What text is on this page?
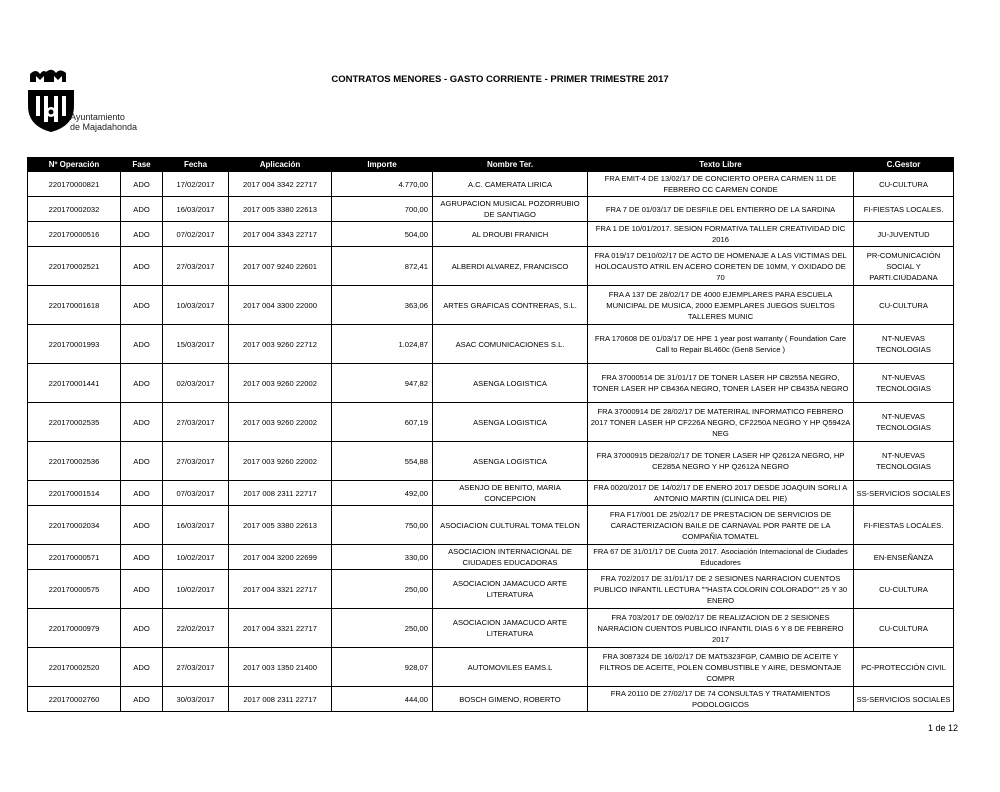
Ayuntamiento
de Majadahonda
CONTRATOS MENORES - GASTO CORRIENTE - PRIMER TRIMESTRE 2017
Nº Operación	Fase	Fecha	Aplicación	Importe	Nombre Ter.	Texto Libre	C.Gestor
220170000821	ADO	17/02/2017	2017 004 3342 22717	4.770,00	A.C. CAMERATA LIRICA	FRA EMIT-4 DE 13/02/17 DE CONCIERTO OPERA CARMEN 11 DE FEBRERO CC CARMEN CONDE	CU-CULTURA
220170002032	ADO	16/03/2017	2017 005 3380 22613	700,00	AGRUPACION MUSICAL POZORRUBIO DE SANTIAGO	FRA 7 DE 01/03/17 DE DESFILE DEL ENTIERRO DE LA SARDINA	FI-FIESTAS LOCALES.
220170000516	ADO	07/02/2017	2017 004 3343 22717	504,00	AL DROUBI FRANICH	FRA 1 DE 10/01/2017. SESION FORMATIVA TALLER CREATIVIDAD DIC 2016	JU-JUVENTUD
220170002521	ADO	27/03/2017	2017 007 9240 22601	872,41	ALBERDI ALVAREZ, FRANCISCO	FRA 019/17 DE10/02/17 DE ACTO DE HOMENAJE A LAS VICTIMAS DEL HOLOCAUSTO ATRIL EN ACERO CORETEN DE 10MM, Y OXIDADO DE 70	PR-COMUNICACIÓN SOCIAL Y PARTI.CIUDADANA
220170001618	ADO	10/03/2017	2017 004 3300 22000	363,06	ARTES GRAFICAS CONTRERAS, S.L.	FRA A 137 DE 28/02/17 DE 4000 EJEMPLARES PARA ESCUELA MUNICIPAL DE MUSICA, 2000 EJEMPLARES JUEGOS SUELTOS TALLERES MUNIC	CU-CULTURA
220170001993	ADO	15/03/2017	2017 003 9260 22712	1.024,87	ASAC COMUNICACIONES S.L.	FRA 170608 DE 01/03/17 DE HPE 1 year post warranty ( Foundation Care Call to Repair BL460c (Gen8 Service )	NT-NUEVAS TECNOLOGIAS
220170001441	ADO	02/03/2017	2017 003 9260 22002	947,82	ASENGA LOGISTICA	FRA 37000514 DE 31/01/17 DE TONER LASER HP CB255A NEGRO, TONER LASER HP CB436A NEGRO, TONER LASER HP CB435A NEGRO	NT-NUEVAS TECNOLOGIAS
220170002535	ADO	27/03/2017	2017 003 9260 22002	607,19	ASENGA LOGISTICA	FRA 37000914 DE 28/02/17 DE MATERIRAL INFORMATICO FEBRERO 2017 TONER LASER HP CF226A NEGRO, CF2250A NEGRO Y HP Q5942A NEG	NT-NUEVAS TECNOLOGIAS
220170002536	ADO	27/03/2017	2017 003 9260 22002	554,88	ASENGA LOGISTICA	FRA 37000915 DE28/02/17 DE TONER LASER HP Q2612A NEGRO, HP CE285A NEGRO Y HP Q2612A NEGRO	NT-NUEVAS TECNOLOGIAS
220170001514	ADO	07/03/2017	2017 008 2311 22717	492,00	ASENJO DE BENITO, MARIA CONCEPCION	FRA 0020/2017 DE 14/02/17 DE ENERO 2017 DESDE JOAQUIN SORLI A ANTONIO MARTIN (CLINICA DEL PIE)	SS-SERVICIOS SOCIALES
220170002034	ADO	16/03/2017	2017 005 3380 22613	750,00	ASOCIACION CULTURAL TOMA TELON	FRA F17/001 DE 25/02/17 DE PRESTACION DE SERVICIOS DE CARACTERIZACION BAILE DE CARNAVAL POR PARTE DE LA COMPAÑIA TOMATEL	FI-FIESTAS LOCALES.
220170000571	ADO	10/02/2017	2017 004 3200 22699	330,00	ASOCIACION INTERNACIONAL DE CIUDADES EDUCADORAS	FRA 67 DE 31/01/17 DE Cuota 2017. Asociación Internacional de Ciudades Educadores	EN-ENSEÑANZA
220170000575	ADO	10/02/2017	2017 004 3321 22717	250,00	ASOCIACION JAMACUCO ARTE LITERATURA	FRA 702/2017 DE 31/01/17 DE 2 SESIONES NARRACION CUENTOS PUBLICO INFANTIL LECTURA ""HASTA COLORIN COLORADO"" 25 Y 30 ENERO	CU-CULTURA
220170000979	ADO	22/02/2017	2017 004 3321 22717	250,00	ASOCIACION JAMACUCO ARTE LITERATURA	FRA 703/2017 DE 09/02/17 DE REALIZACION DE 2 SESIONES NARRACION CUENTOS PUBLICO INFANTIL DIAS 6 Y 8 DE FEBRERO 2017	CU-CULTURA
220170002520	ADO	27/03/2017	2017 003 1350 21400	928,07	AUTOMOVILES EAMS.L	FRA 3087324 DE 16/02/17 DE MAT5323FGP, CAMBIO DE ACEITE Y FILTROS DE ACEITE, POLEN COMBUSTIBLE Y AIRE, DESMONTAJE COMPR	PC-PROTECCIÓN CIVIL
220170002760	ADO	30/03/2017	2017 008 2311 22717	444,00	BOSCH GIMENO, ROBERTO	FRA 20110 DE 27/02/17 DE 74 CONSULTAS Y TRATAMIENTOS PODOLOGICOS	SS-SERVICIOS SOCIALES
1 de 12
